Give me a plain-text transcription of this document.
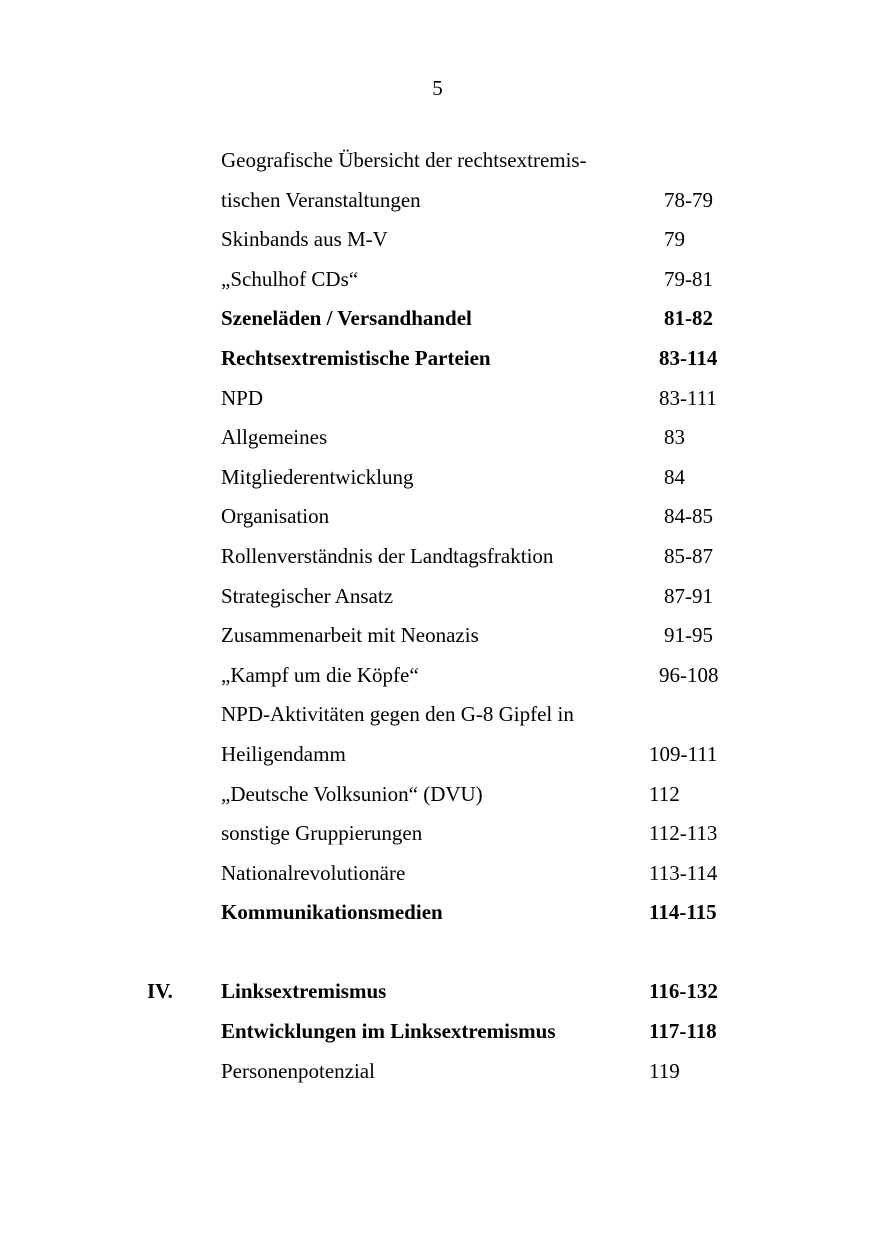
5
Geografische Übersicht der rechtsextremis-
tischen Veranstaltungen	78-79
Skinbands aus M-V	79
„Schulhof CDs“	79-81
Szeneläden / Versandhandel	81-82
Rechtsextremistische Parteien	83-114
NPD	83-111
Allgemeines	83
Mitgliederentwicklung	84
Organisation	84-85
Rollenverständnis der Landtagsfraktion	85-87
Strategischer Ansatz	87-91
Zusammenarbeit mit Neonazis	91-95
„Kampf um die Köpfe“	96-108
NPD-Aktivitäten gegen den G-8 Gipfel in
Heiligendamm	109-111
„Deutsche Volksunion“ (DVU)	112
sonstige Gruppierungen	112-113
Nationalrevolutionäre	113-114
Kommunikationsmedien	114-115
IV. Linksextremismus	116-132
Entwicklungen im Linksextremismus	117-118
Personenpotenzial	119
